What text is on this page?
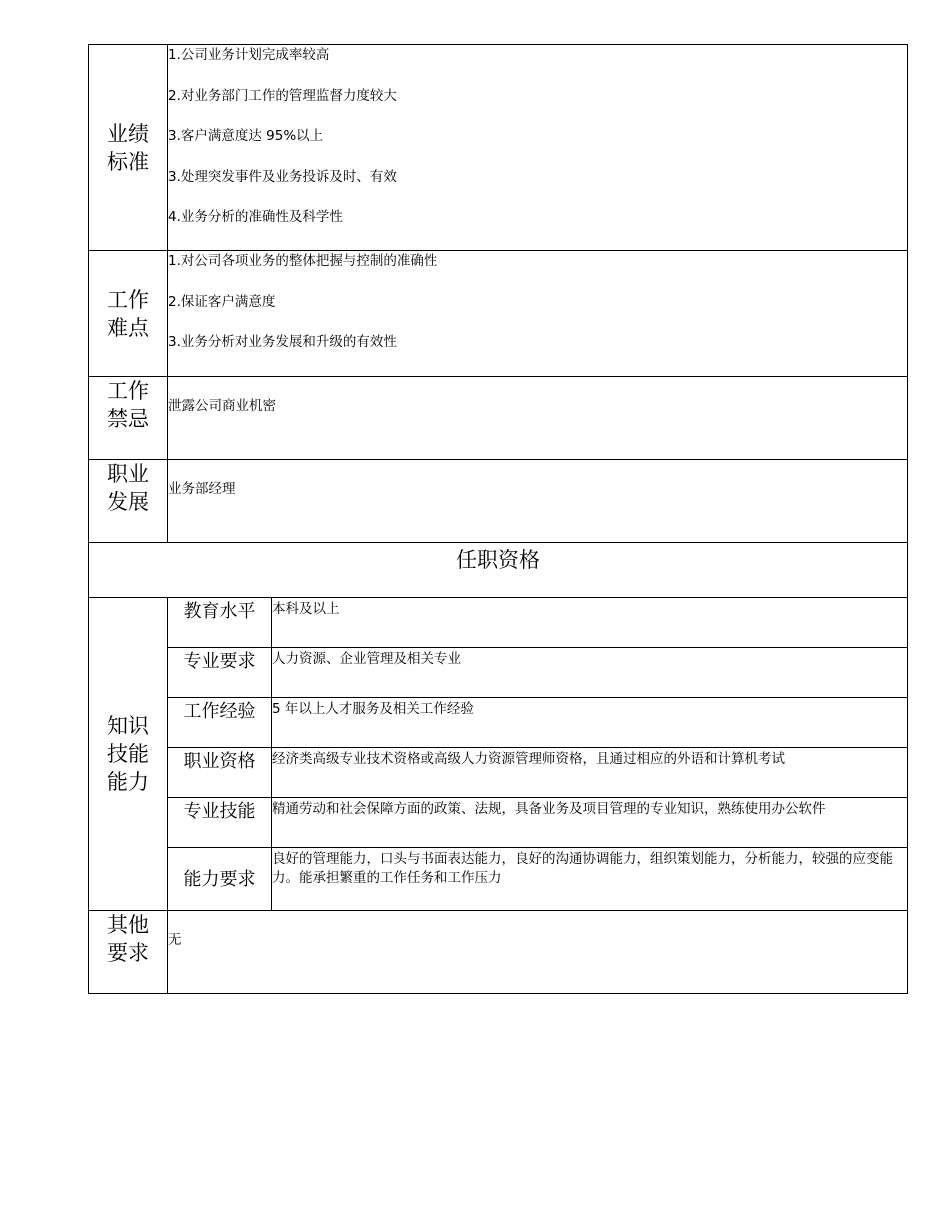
业绩标准	1.公司业务计划完成率较高
2.对业务部门工作的管理监督力度较大
3.客户满意度达 95%以上
3.处理突发事件及业务投诉及时、有效
4.业务分析的准确性及科学性	

工作难点	1.对公司各项业务的整体把握与控制的准确性
2.保证客户满意度
3.业务分析对业务发展和升级的有效性	

工作禁忌	泄露公司商业机密	

职业发展	业务部经理	

任职资格		
知识技能能力	教育水平	本科及以上

	专业要求	人力资源、企业管理及相关专业

	工作经验	5 年以上人才服务及相关工作经验

	职业资格	经济类高级专业技术资格或高级人力资源管理师资格，且通过相应的外语和计算机考试

	专业技能	精通劳动和社会保障方面的政策、法规，具备业务及项目管理的专业知识，熟练使用办公软件

	能力要求	良好的管理能力，口头与书面表达能力，良好的沟通协调能力，组织策划能力，分析能力，较强的应变能力。能承担繁重的工作任务和工作压力

其他要求	无	
